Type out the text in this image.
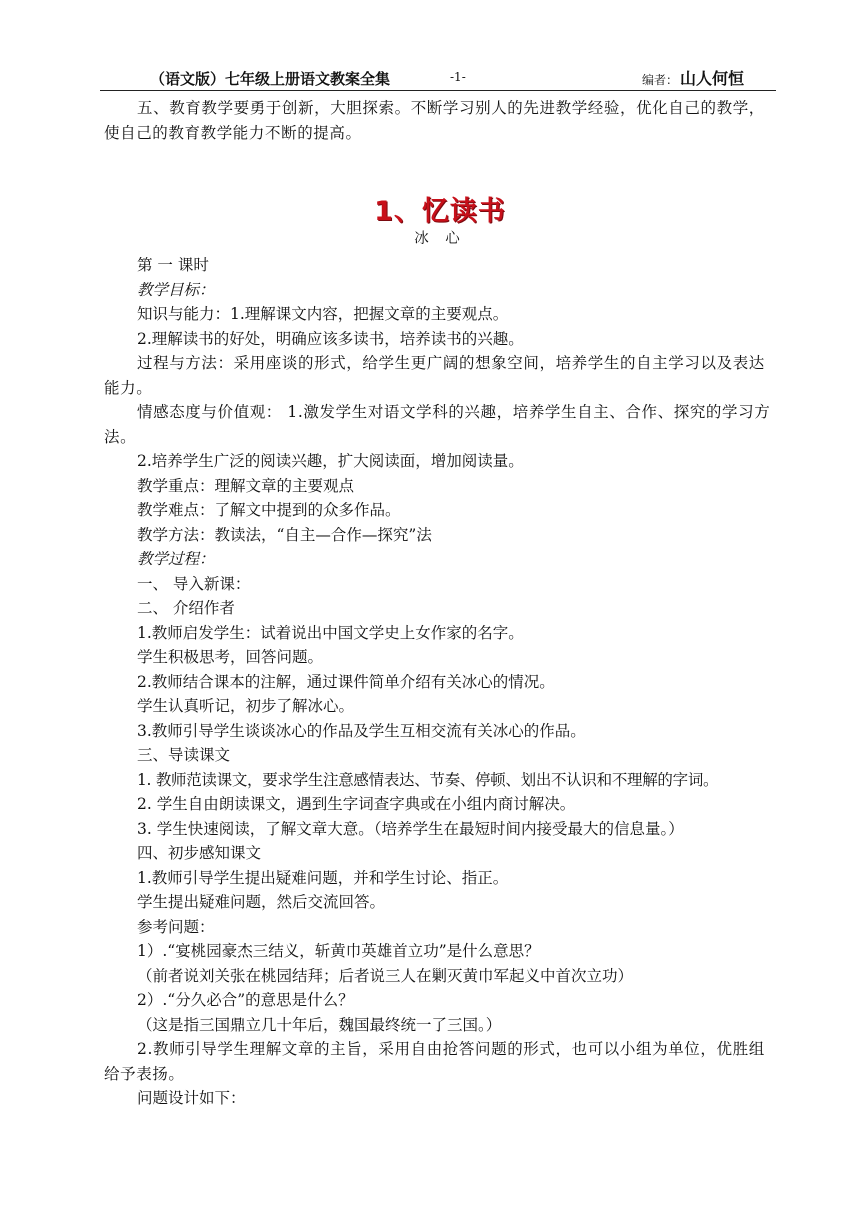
（语文版）七年级上册语文教案全集	-1-	编者： 山人何恒

五、教育教学要勇于创新，大胆探索。不断学习别人的先进教学经验，优化自己的教学，使自己的教育教学能力不断的提高。

1、忆读书
冰 心

第 一 课时

教学目标：

知识与能力：1.理解课文内容，把握文章的主要观点。

2.理解读书的好处，明确应该多读书，培养读书的兴趣。

过程与方法：采用座谈的形式，给学生更广阔的想象空间，培养学生的自主学习以及表达能力。

情感态度与价值观： 1.激发学生对语文学科的兴趣，培养学生自主、合作、探究的学习方法。

2.培养学生广泛的阅读兴趣，扩大阅读面，增加阅读量。

教学重点：理解文章的主要观点

教学难点：了解文中提到的众多作品。

教学方法：教读法，“自主—合作—探究”法

教学过程：

一、 导入新课：

二、 介绍作者

1.教师启发学生：试着说出中国文学史上女作家的名字。

学生积极思考，回答问题。

2.教师结合课本的注解，通过课件简单介绍有关冰心的情况。

学生认真听记，初步了解冰心。

3.教师引导学生谈谈冰心的作品及学生互相交流有关冰心的作品。

三、导读课文

1. 教师范读课文，要求学生注意感情表达、节奏、停顿、划出不认识和不理解的字词。

2. 学生自由朗读课文，遇到生字词查字典或在小组内商讨解决。

3. 学生快速阅读，了解文章大意。（培养学生在最短时间内接受最大的信息量。）

四、初步感知课文

1.教师引导学生提出疑难问题，并和学生讨论、指正。

学生提出疑难问题，然后交流回答。

参考问题：

1）.“宴桃园豪杰三结义，斩黄巾英雄首立功”是什么意思？

（前者说刘关张在桃园结拜；后者说三人在剿灭黄巾军起义中首次立功）

2）.“分久必合”的意思是什么？

（这是指三国鼎立几十年后，魏国最终统一了三国。）

2.教师引导学生理解文章的主旨，采用自由抢答问题的形式，也可以小组为单位，优胜组给予表扬。

问题设计如下：
